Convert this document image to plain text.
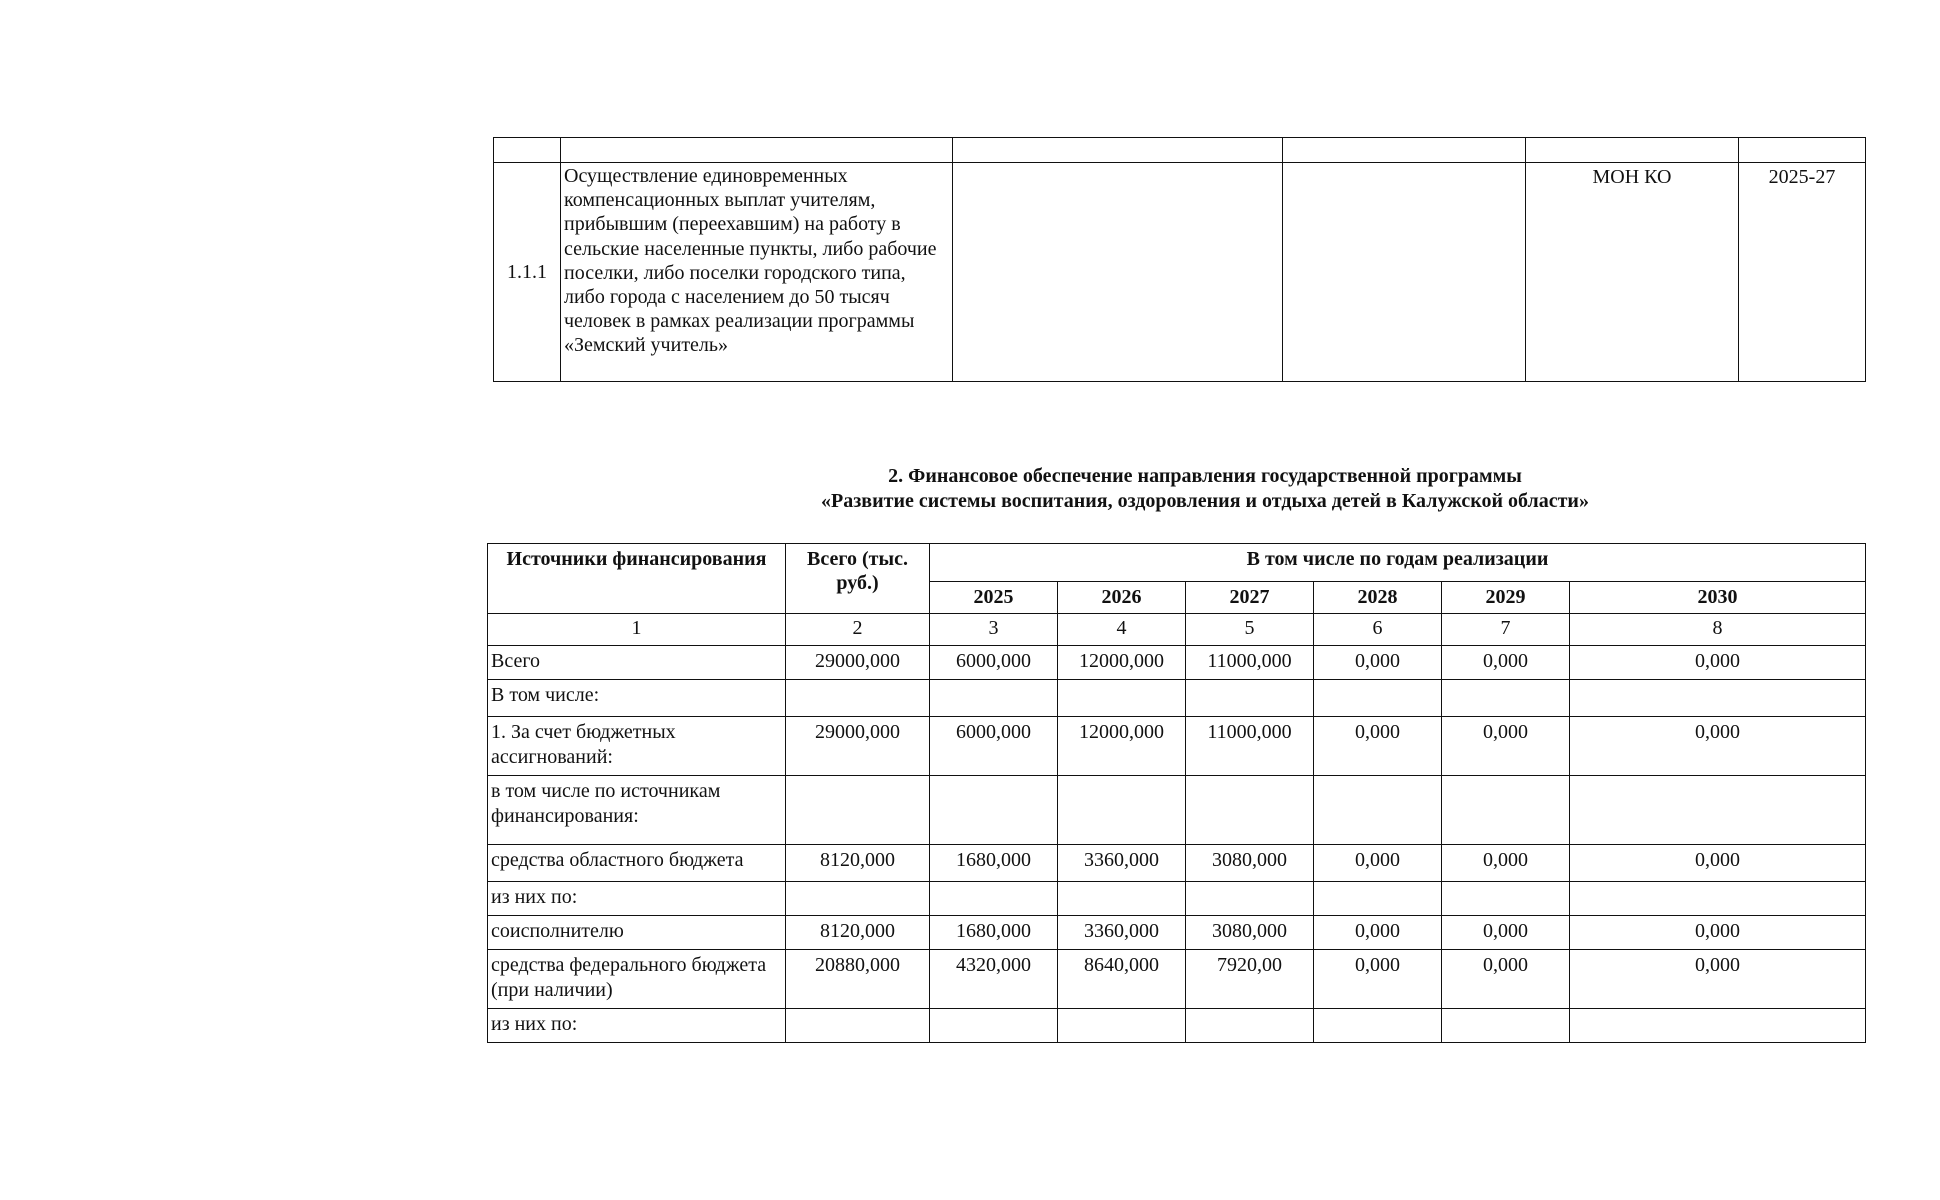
1.1.1	Осуществление единовременных компенсационных выплат учителям, прибывшим (переехавшим) на работу в сельские населенные пункты, либо рабочие поселки, либо поселки городского типа, либо города с населением до 50 тысяч человек в рамках реализации программы «Земский учитель»			МОН КО	2025-27
2. Финансовое обеспечение направления государственной программы
«Развитие системы воспитания, оздоровления и отдыха детей в Калужской области»
Источники финансирования	Всего (тыс. руб.)	В том числе по годам реализации					
		2025	2026	2027	2028	2029	2030
1	2	3	4	5	6	7	8
Всего	29000,000	6000,000	12000,000	11000,000	0,000	0,000	0,000
В том числе:							
1. За счет бюджетных ассигнований:	29000,000	6000,000	12000,000	11000,000	0,000	0,000	0,000
в том числе по источникам финансирования:							
средства областного бюджета	8120,000	1680,000	3360,000	3080,000	0,000	0,000	0,000
из них по:							
соисполнителю	8120,000	1680,000	3360,000	3080,000	0,000	0,000	0,000
средства федерального бюджета (при наличии)	20880,000	4320,000	8640,000	7920,00	0,000	0,000	0,000
из них по:							
